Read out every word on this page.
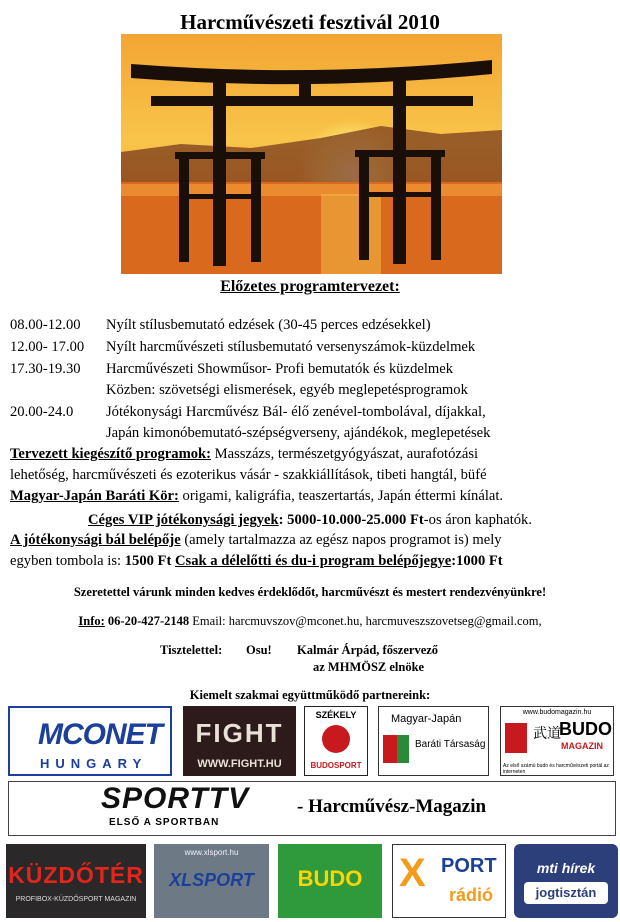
Harcművészeti fesztivál 2010
Előzetes programtervezet:
08.00-12.00 Nyílt stílusbemutató edzések (30-45 perces edzésekkel)
12.00- 17.00 Nyílt harcművészeti stílusbemutató versenyszámok-küzdelmek
17.30-19.30 Harcművészeti Showműsor- Profi bemutatók és küzdelmek
Közben: szövetségi elismerések, egyéb meglepetésprogramok
20.00-24.0 Jótékonysági Harcművész Bál- élő zenével-tombolával, díjakkal,
Japán kimonóbemutató-szépségverseny, ajándékok, meglepetések
Tervezett kiegészítő programok: Masszázs, természetgyógyászat, aurafotózási
lehetőség, harcművészeti és ezoterikus vásár - szakkiállítások, tibeti hangtál, büfé
Magyar-Japán Baráti Kör: origami, kaligráfia, teaszertartás, Japán éttermi kínálat.
Céges VIP jótékonysági jegyek: 5000-10.000-25.000 Ft-os áron kaphatók.
A jótékonysági bál belépője (amely tartalmazza az egész napos programot is) mely
egyben tombola is: 1500 Ft Csak a délelőtti és du-i program belépőjegye:1000 Ft
Szeretettel várunk minden kedves érdeklődőt, harcművészt és mestert rendezvényünkre!
Info: 06-20-427-2148 Email: harcmuvszov@mconet.hu, harcmuveszszovetseg@gmail.com,
Tisztelettel: Osu! Kalmár Árpád, főszervező
az MHMÖSZ elnöke
Kiemelt szakmai együttműködő partnereink:
MCONET
HUNGARY
FIGHT
WWW.FIGHT.HU
SZÉKELY
BUDOSPORT
Magyar-Japán
Baráti Társaság
www.budomagazin.hu
武道
BUDO
MAGAZIN
Az első számú budo és harcművészeti portál az interneten
SPORTTV
ELSŐ A SPORTBAN
- Harcművész-Magazin
KÜZDŐTÉR
PROFIBOX-KÜZDŐSPORT MAGAZIN
www.xlsport.hu
XLSPORT	BUDO X PORT
rádió
mti hírek
jogtisztán
